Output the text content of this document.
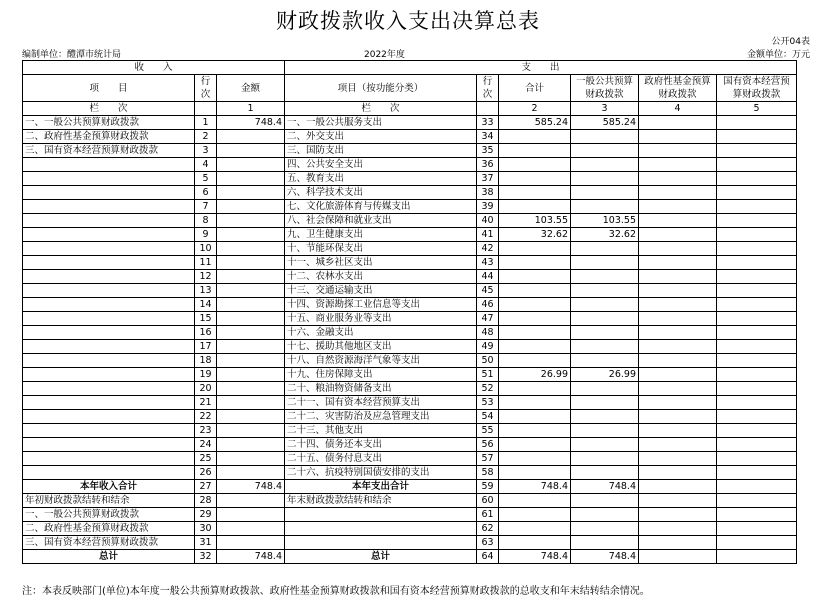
财政拨款收入支出决算总表
公开04表
编制单位：醴潭市统计局	2022年度	金额单位：万元
收　　入			支　　出					
项　　目	行次	金额	项目（按功能分类）	行次	合计	一般公共预算财政拨款	政府性基金预算财政拨款	国有资本经营预算财政拨款
栏　　次		1	栏　　次		2	3	4	5
一、一般公共预算财政拨款	1	748.4	一、一般公共服务支出	33	585.24	585.24		
二、政府性基金预算财政拨款	2		二、外交支出	34				
三、国有资本经营预算财政拨款	3		三、国防支出	35				
	4		四、公共安全支出	36				
	5		五、教育支出	37				
	6		六、科学技术支出	38				
	7		七、文化旅游体育与传媒支出	39				
	8		八、社会保障和就业支出	40	103.55	103.55		
	9		九、卫生健康支出	41	32.62	32.62		
	10		十、节能环保支出	42				
	11		十一、城乡社区支出	43				
	12		十二、农林水支出	44				
	13		十三、交通运输支出	45				
	14		十四、资源勘探工业信息等支出	46				
	15		十五、商业服务业等支出	47				
	16		十六、金融支出	48				
	17		十七、援助其他地区支出	49				
	18		十八、自然资源海洋气象等支出	50				
	19		十九、住房保障支出	51	26.99	26.99		
	20		二十、粮油物资储备支出	52				
	21		二十一、国有资本经营预算支出	53				
	22		二十二、灾害防治及应急管理支出	54				
	23		二十三、其他支出	55				
	24		二十四、债务还本支出	56				
	25		二十五、债务付息支出	57				
	26		二十六、抗疫特别国债安排的支出	58				
本年收入合计	27	748.4	本年支出合计	59	748.4	748.4		
年初财政拨款结转和结余	28		年末财政拨款结转和结余	60				
一、一般公共预算财政拨款	29			61				
二、政府性基金预算财政拨款	30			62				
三、国有资本经营预算财政拨款	31			63				
总计	32	748.4	总计	64	748.4	748.4		
注：本表反映部门(单位)本年度一般公共预算财政拨款、政府性基金预算财政拨款和国有资本经营预算财政拨款的总收支和年末结转结余情况。
